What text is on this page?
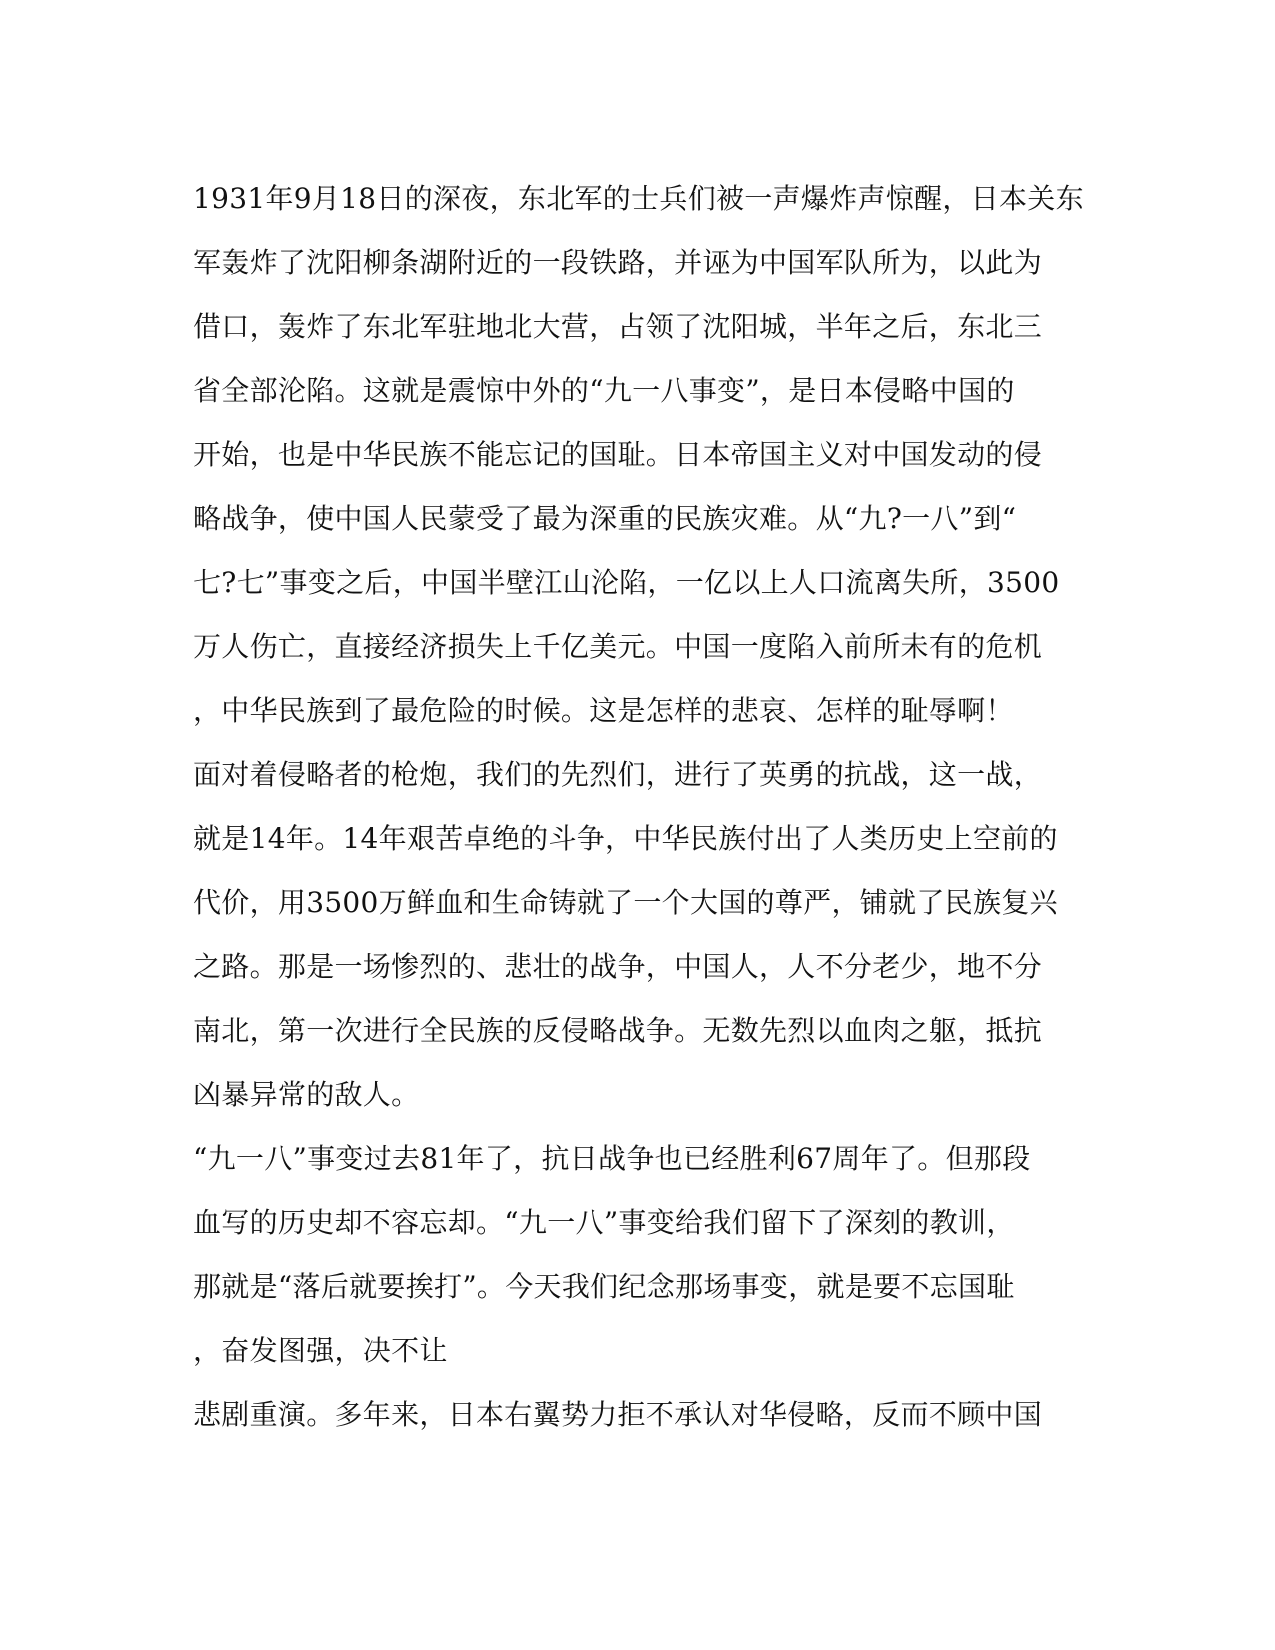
1931年9月18日的深夜，东北军的士兵们被一声爆炸声惊醒，日本关东
军轰炸了沈阳柳条湖附近的一段铁路，并诬为中国军队所为，以此为
借口，轰炸了东北军驻地北大营，占领了沈阳城，半年之后，东北三
省全部沦陷。这就是震惊中外的“九一八事变”，是日本侵略中国的
开始，也是中华民族不能忘记的国耻。日本帝国主义对中国发动的侵
略战争，使中国人民蒙受了最为深重的民族灾难。从“九?一八”到“
七?七”事变之后，中国半壁江山沦陷，一亿以上人口流离失所，3500
万人伤亡，直接经济损失上千亿美元。中国一度陷入前所未有的危机
，中华民族到了最危险的时候。这是怎样的悲哀、怎样的耻辱啊！
面对着侵略者的枪炮，我们的先烈们，进行了英勇的抗战，这一战，
就是14年。14年艰苦卓绝的斗争，中华民族付出了人类历史上空前的
代价，用3500万鲜血和生命铸就了一个大国的尊严，铺就了民族复兴
之路。那是一场惨烈的、悲壮的战争，中国人，人不分老少，地不分
南北，第一次进行全民族的反侵略战争。无数先烈以血肉之躯，抵抗
凶暴异常的敌人。
“九一八”事变过去81年了，抗日战争也已经胜利67周年了。但那段
血写的历史却不容忘却。“九一八”事变给我们留下了深刻的教训，
那就是“落后就要挨打”。今天我们纪念那场事变，就是要不忘国耻
，奋发图强，决不让
悲剧重演。多年来，日本右翼势力拒不承认对华侵略，反而不顾中国
